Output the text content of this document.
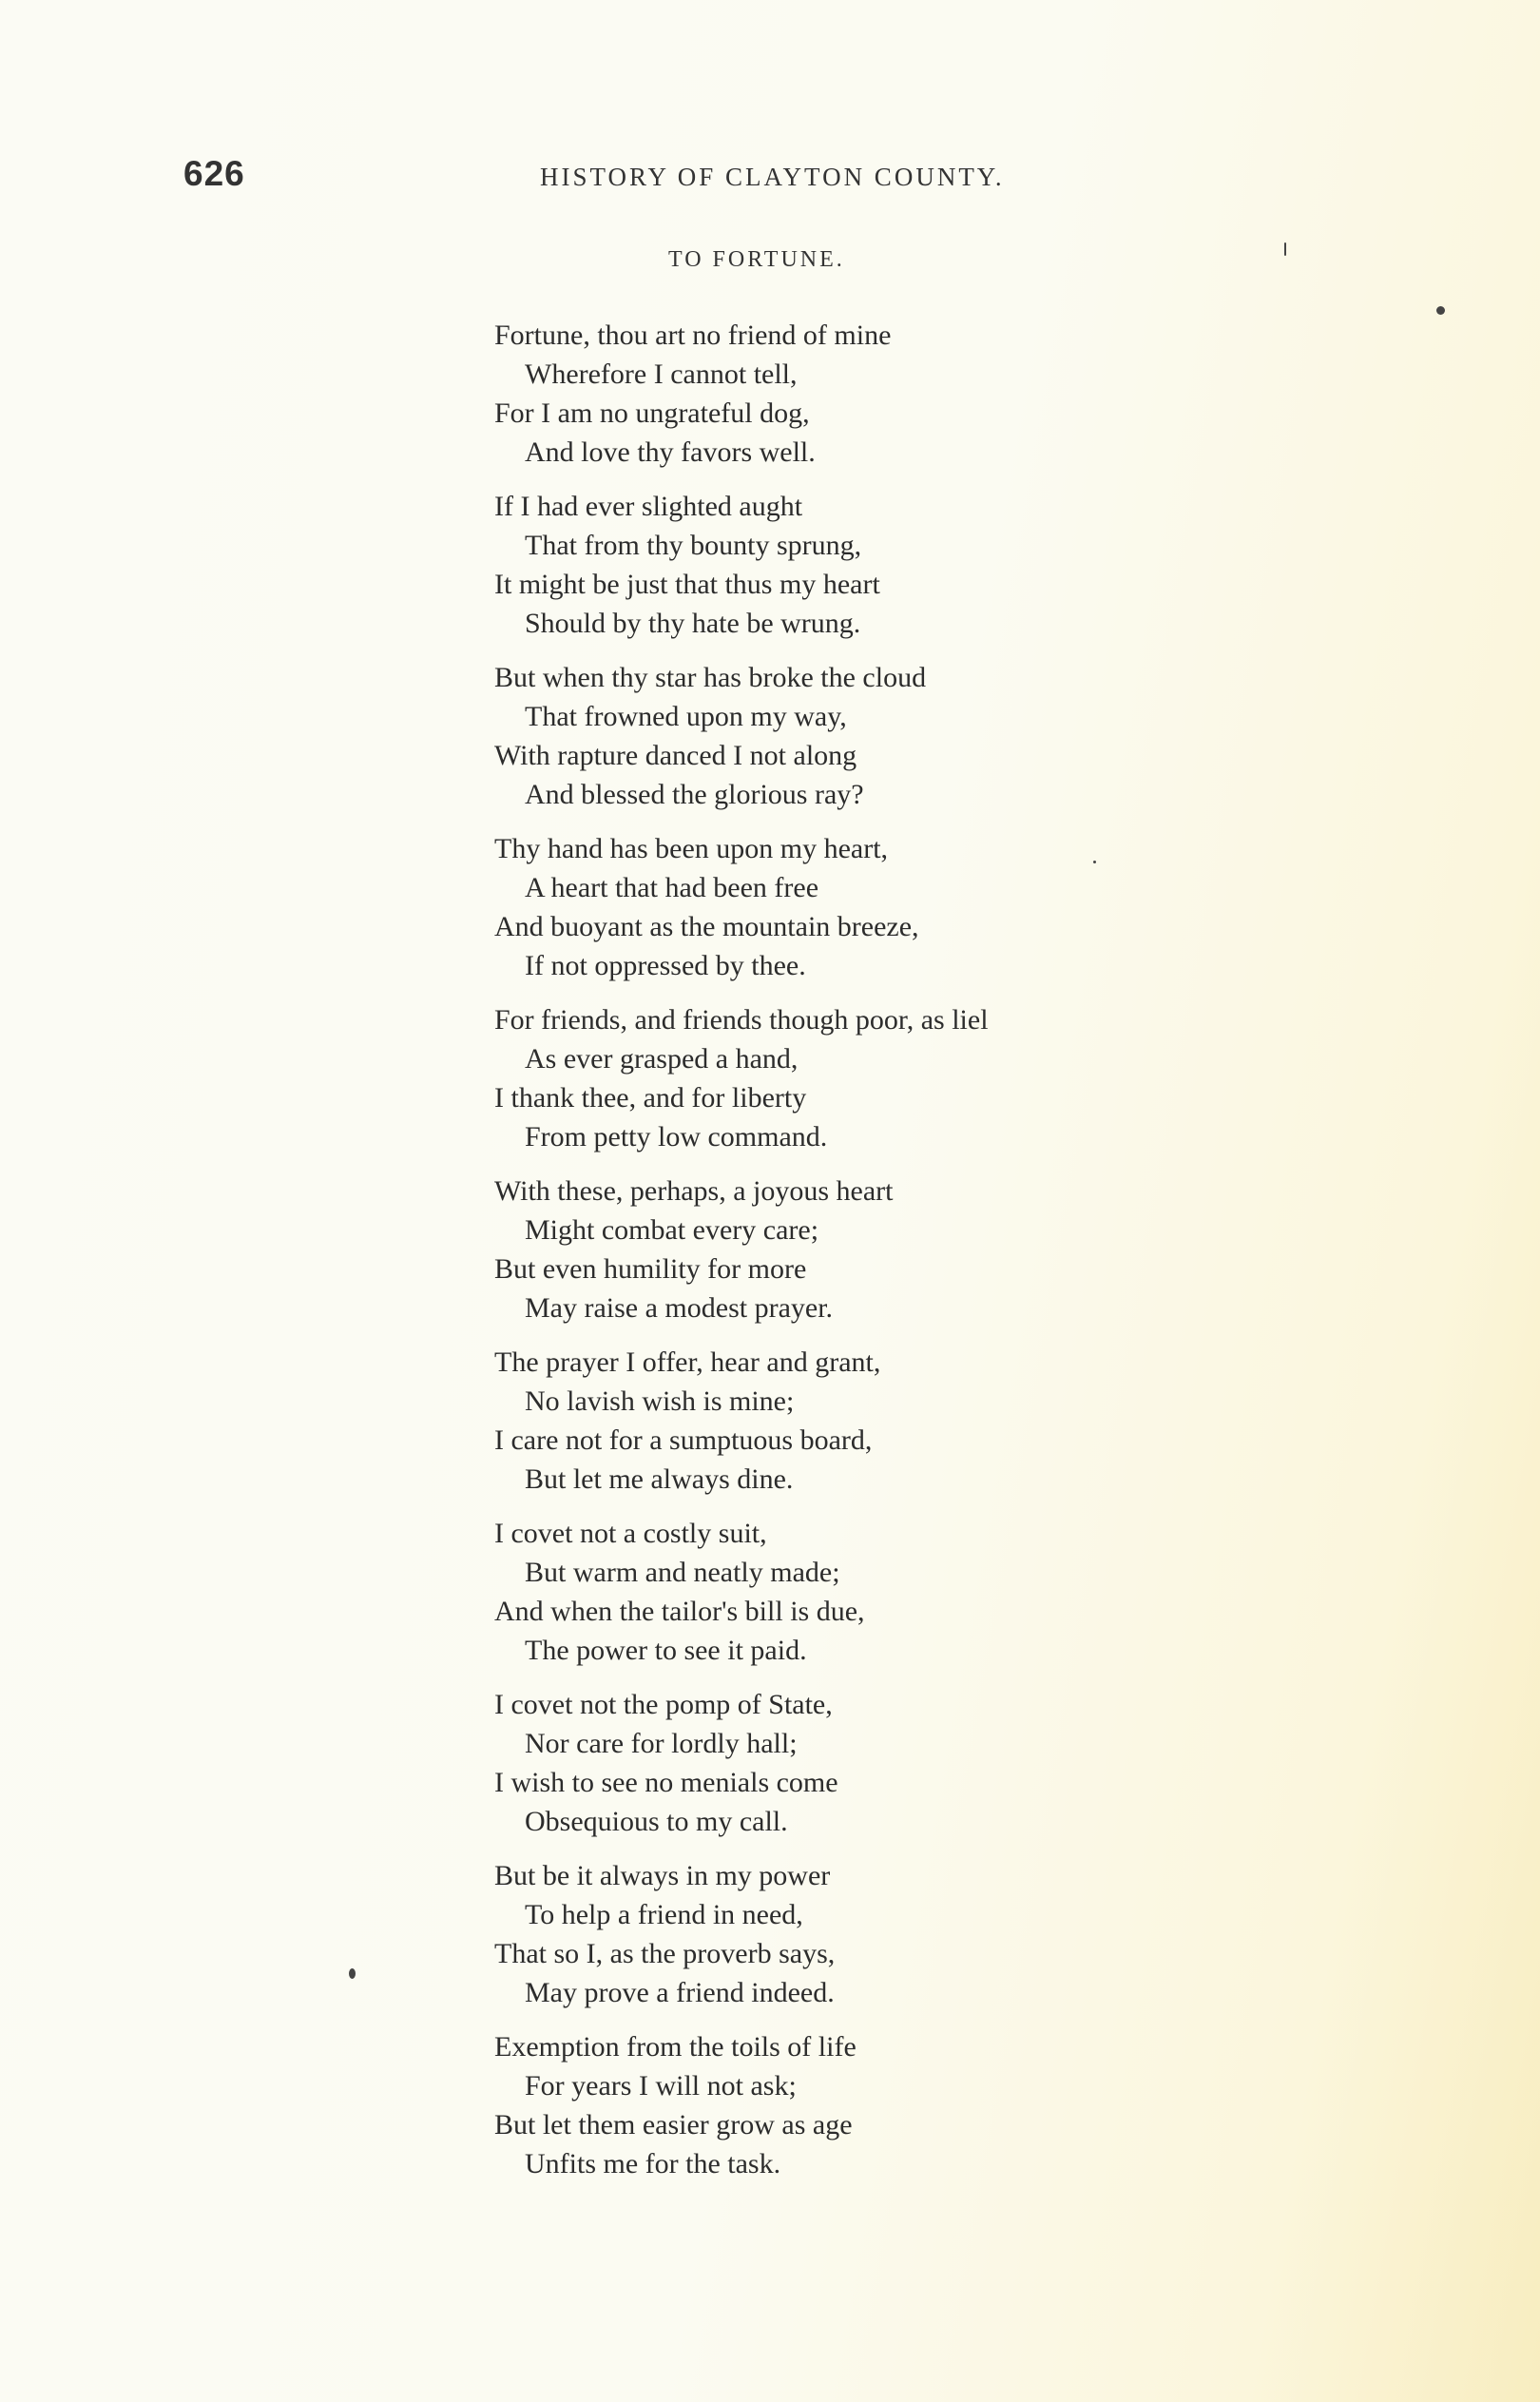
626	HISTORY OF CLAYTON COUNTY.
TO FORTUNE.
Fortune, thou art no friend of mine
Wherefore I cannot tell,
For I am no ungrateful dog,
And love thy favors well.
If I had ever slighted aught
That from thy bounty sprung,
It might be just that thus my heart
Should by thy hate be wrung.
But when thy star has broke the cloud
That frowned upon my way,
With rapture danced I not along
And blessed the glorious ray?
Thy hand has been upon my heart,
A heart that had been free
And buoyant as the mountain breeze,
If not oppressed by thee.
For friends, and friends though poor, as liel
As ever grasped a hand,
I thank thee, and for liberty
From petty low command.
With these, perhaps, a joyous heart
Might combat every care;
But even humility for more
May raise a modest prayer.
The prayer I offer, hear and grant,
No lavish wish is mine;
I care not for a sumptuous board,
But let me always dine.
I covet not a costly suit,
But warm and neatly made;
And when the tailor's bill is due,
The power to see it paid.
I covet not the pomp of State,
Nor care for lordly hall;
I wish to see no menials come
Obsequious to my call.
But be it always in my power
To help a friend in need,
That so I, as the proverb says,
May prove a friend indeed.
Exemption from the toils of life
For years I will not ask;
But let them easier grow as age
Unfits me for the task.
